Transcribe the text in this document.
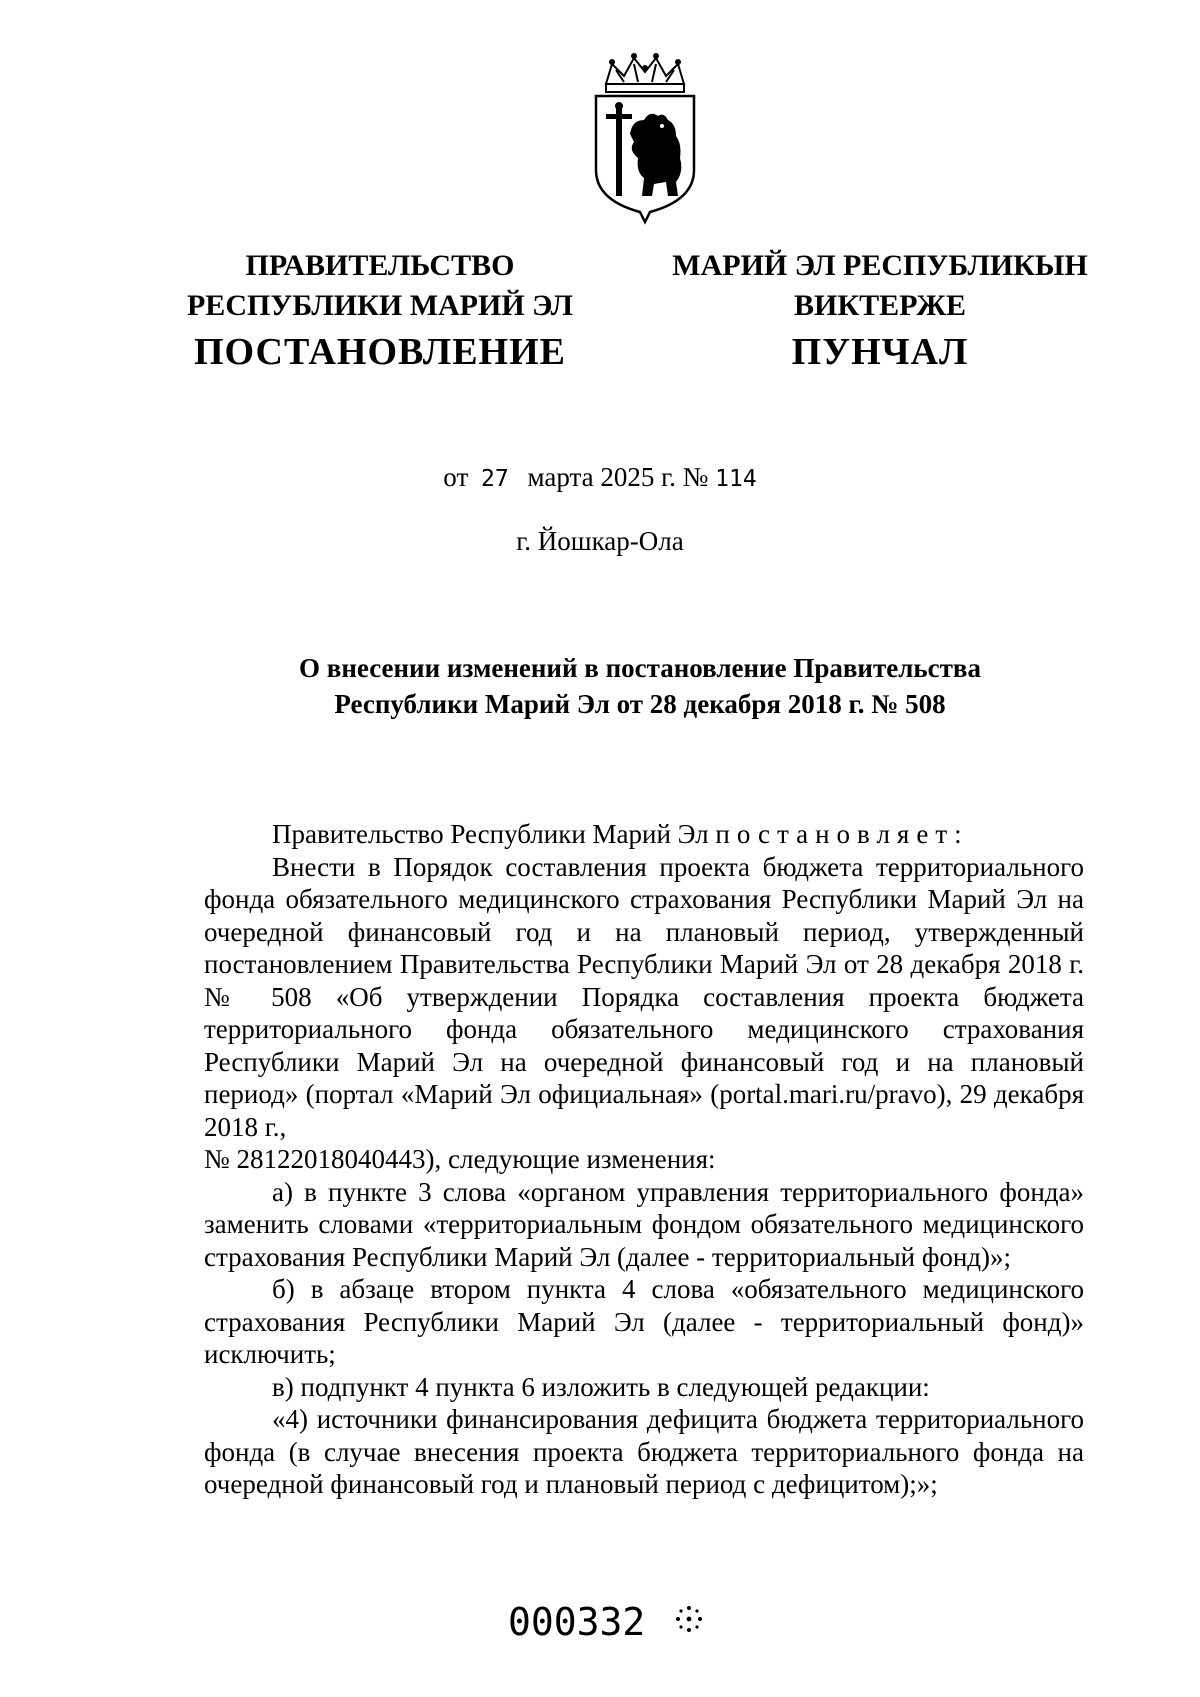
ПРАВИТЕЛЬСТВО
РЕСПУБЛИКИ МАРИЙ ЭЛ
ПОСТАНОВЛЕНИЕ
МАРИЙ ЭЛ РЕСПУБЛИКЫН
ВИКТЕРЖЕ
ПУНЧАЛ
от 27 марта 2025 г. № 114
г. Йошкар-Ола
О внесении изменений в постановление Правительства
Республики Марий Эл от 28 декабря 2018 г. № 508

Правительство Республики Марий Эл постановляет:

Внести в Порядок составления проекта бюджета территориального фонда обязательного медицинского страхования Республики Марий Эл на очередной финансовый год и на плановый период, утвержденный постановлением Правительства Республики Марий Эл от 28 декабря 2018 г. № 508 «Об утверждении Порядка составления проекта бюджета территориального фонда обязательного медицинского страхования Республики Марий Эл на очередной финансовый год и на плановый период» (портал «Марий Эл официальная» (portal.mari.ru/pravo), 29 декабря 2018 г.,

№ 28122018040443), следующие изменения:

а) в пункте 3 слова «органом управления территориального фонда» заменить словами «территориальным фондом обязательного медицинского страхования Республики Марий Эл (далее - территориальный фонд)»;

б) в абзаце втором пункта 4 слова «обязательного медицинского страхования Республики Марий Эл (далее - территориальный фонд)» исключить;

в) подпункт 4 пункта 6 изложить в следующей редакции:

«4) источники финансирования дефицита бюджета территориального фонда (в случае внесения проекта бюджета территориального фонда на очередной финансовый год и плановый период с дефицитом);»;

000332
